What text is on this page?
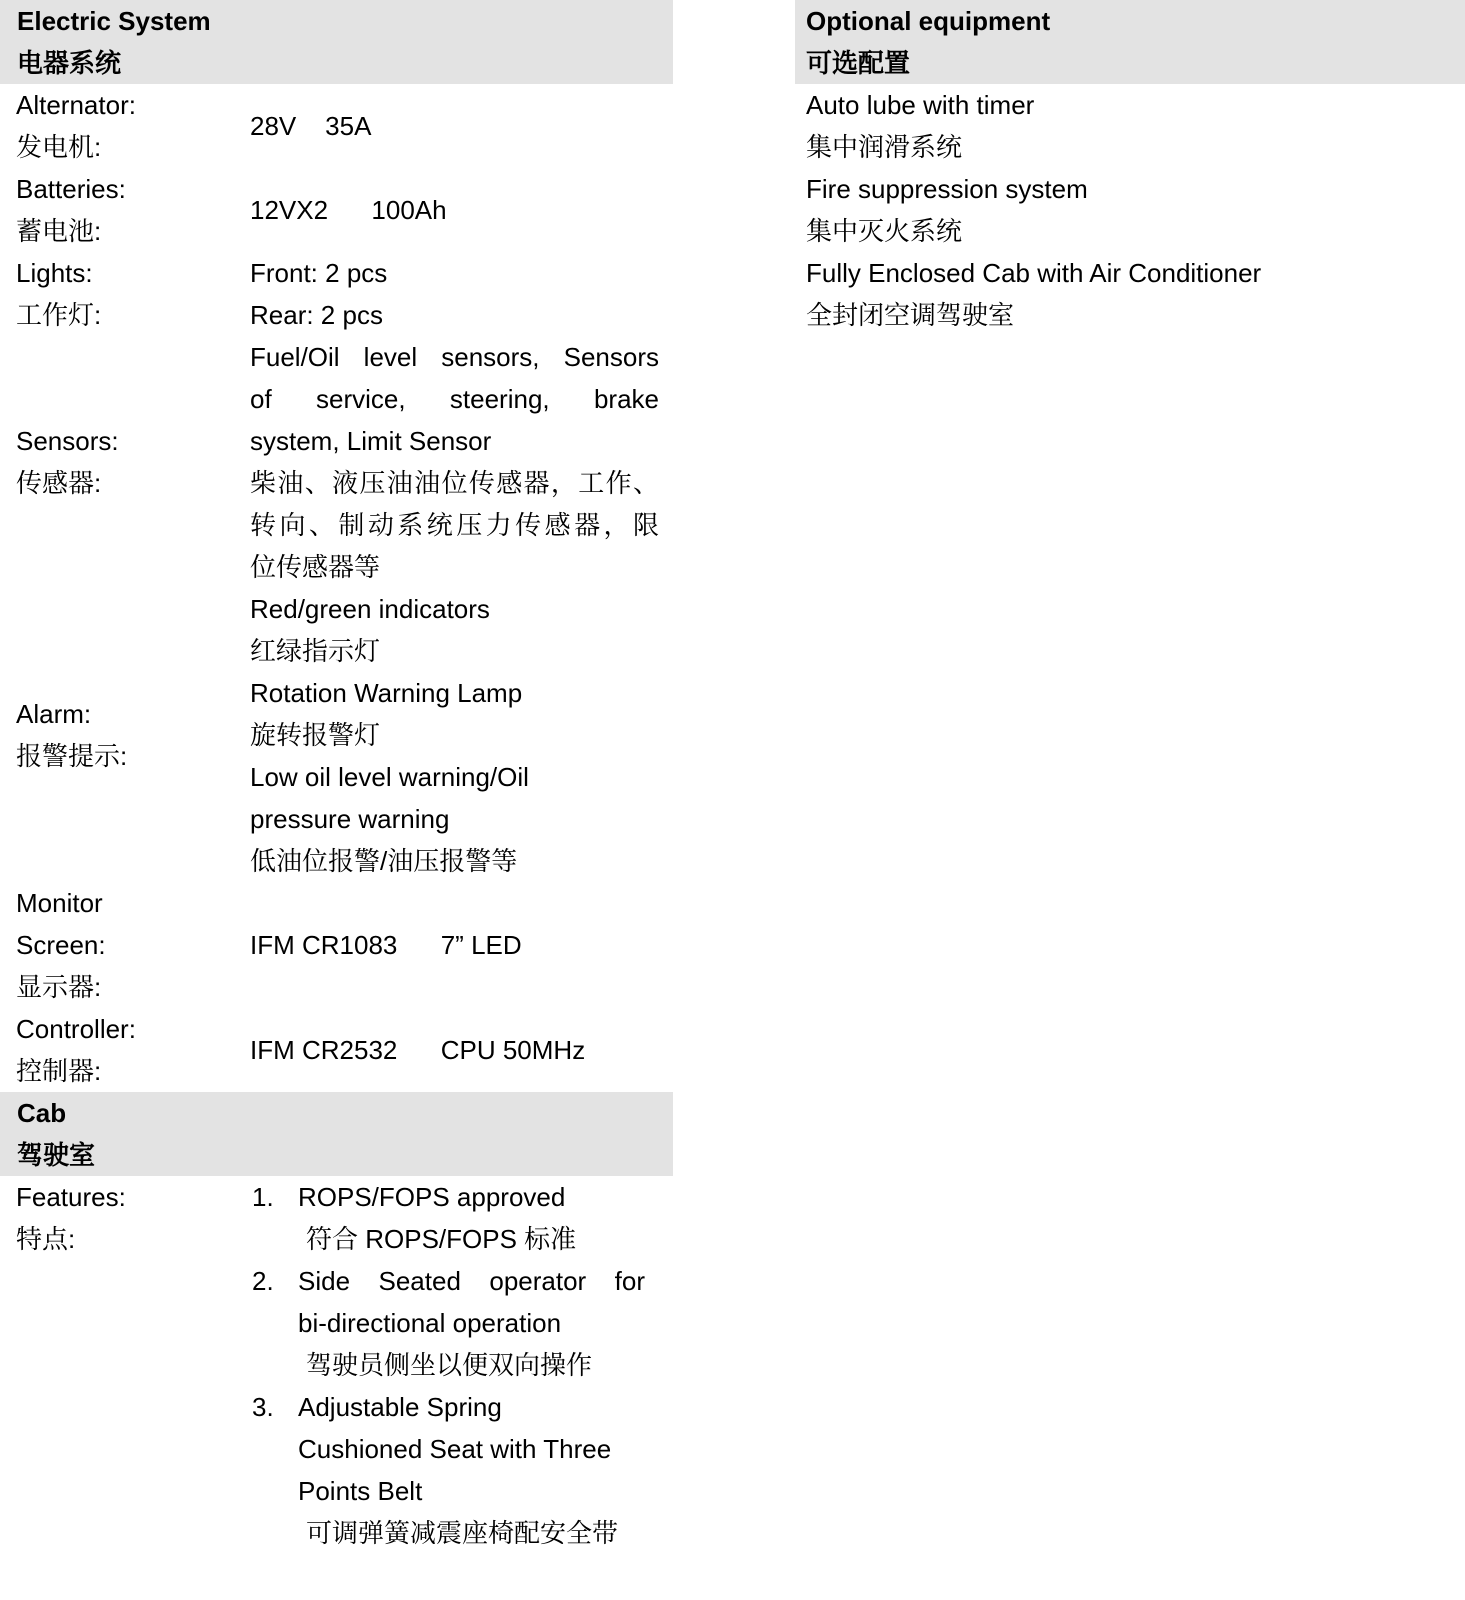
Electric System
电器系统
Alternator:
发电机:
28V    35A
Batteries:
蓄电池:
12VX2      100Ah
Lights:
工作灯:
Front: 2 pcs
Rear: 2 pcs
Sensors:
传感器:
Fuel/Oil level sensors, Sensors
of service, steering, brake
system, Limit Sensor
柴油、液压油油位传感器，工作、
转向、制动系统压力传感器，限
位传感器等
Alarm:
报警提示:
Red/green indicators
红绿指示灯
Rotation Warning Lamp
旋转报警灯
Low oil level warning/Oil
pressure warning
低油位报警/油压报警等
Monitor
Screen:
显示器:
IFM CR1083      7” LED
Controller:
控制器:
IFM CR2532      CPU 50MHz
Cab
驾驶室
Features:
特点:
1. ROPS/FOPS approved
符合 ROPS/FOPS 标准
2. Side Seated operator for
bi-directional operation
驾驶员侧坐以便双向操作
3. Adjustable Spring
Cushioned Seat with Three
Points Belt
可调弹簧减震座椅配安全带
Optional equipment
可选配置
Auto lube with timer
集中润滑系统
Fire suppression system
集中灭火系统
Fully Enclosed Cab with Air Conditioner
全封闭空调驾驶室
